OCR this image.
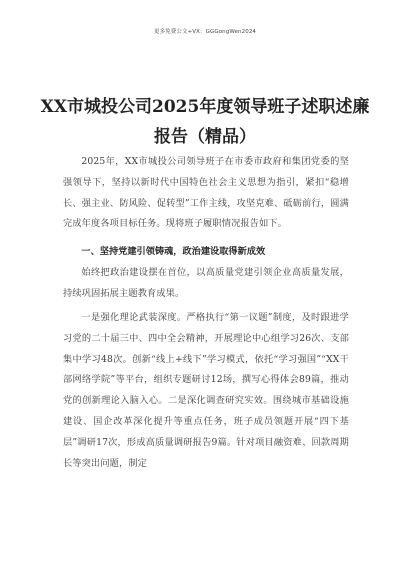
更多免费公文+VX：GGGongWen2024
XX市城投公司2025年度领导班子述职述廉报告（精品）

2025年，XX市城投公司领导班子在市委市政府和集团党委的坚强领导下，坚持以新时代中国特色社会主义思想为指引，紧扣“稳增长、强主业、防风险、促转型”工作主线，攻坚克难、砥砺前行，圆满完成年度各项目标任务。现将班子履职情况报告如下。

一、坚持党建引领铸魂，政治建设取得新成效

始终把政治建设摆在首位，以高质量党建引领企业高质量发展，持续巩固拓展主题教育成果。

一是强化理论武装深度。严格执行“第一议题”制度，及时跟进学习党的二十届三中、四中全会精神，开展理论中心组学习26次、支部集中学习48次。创新“线上+线下”学习模式，依托“学习强国”“XX干部网络学院”等平台，组织专题研讨12场，撰写心得体会89篇，推动党的创新理论入脑入心。二是深化调查研究实效。围绕城市基础设施建设、国企改革深化提升等重点任务，班子成员领题开展“四下基层”调研17次，形成高质量调研报告9篇。针对项目融资难、回款周期长等突出问题，制定
